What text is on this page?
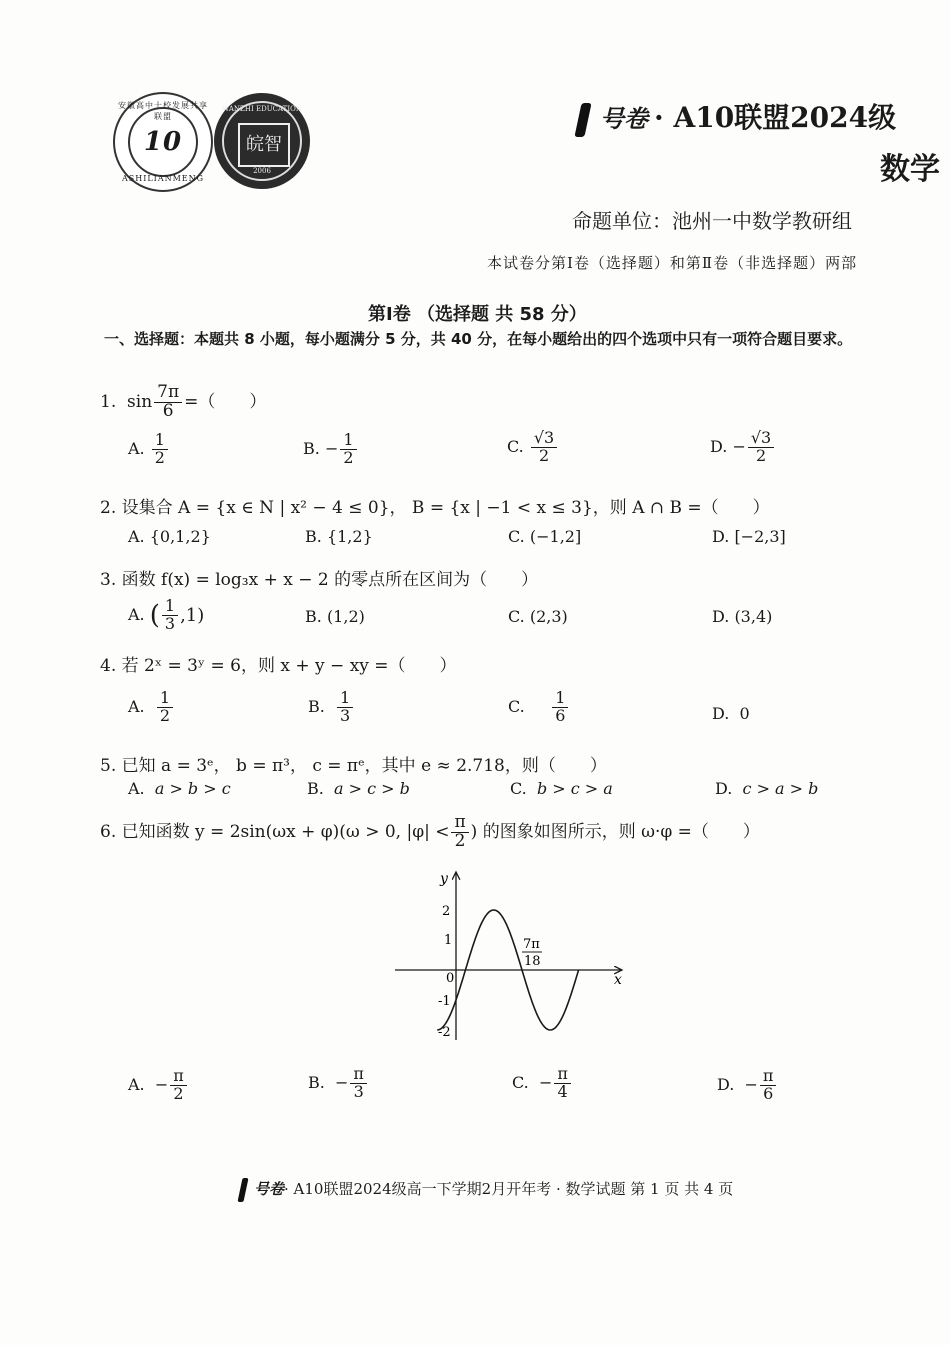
安徽高中十校发展共享联盟
10
ASHILIANMENG
WANZHI EDUCATION
皖智
2006
号卷 · A10联盟2024级
数学
命题单位：池州一中数学教研组
本试卷分第Ⅰ卷（选择题）和第Ⅱ卷（非选择题）两部
第Ⅰ卷 （选择题 共 58 分）
一、选择题：本题共 8 小题，每小题满分 5 分，共 40 分，在每小题给出的四个选项中只有一项符合题目要求。
1. $\sin \frac{7\pi}{6}$ =（　　）
A. $\frac{1}{2}$	B. − $\frac{1}{2}$	C. $\frac{√3}{2}$	D. − $\frac{√3}{2}$
2. 设集合 A = {x ∈ N | x² − 4 ≤ 0}， B = {x | −1 < x ≤ 3}，则 A ∩ B =（　　）
A. {0,1,2}	B. {1,2}	C. (−1,2]	D. [−2,3]
3. 函数 f(x) = log₃x + x − 2 的零点所在区间为（　　）
A. ( $\frac{1}{3} ,1$)	B. (1,2)	C. (2,3)	D. (3,4)
4. 若 2ˣ = 3ʸ = 6，则 x + y − xy =（　　）
A. $\frac{1}{2}$	B. $\frac{1}{3}$	C. $\frac{1}{6}$	D. 0
5. 已知 a = 3ᵉ， b = π³， c = πᵉ，其中 e ≈ 2.718，则（　　）
A. a > b > c	B. a > c > b	C. b > c > a	D. c > a > b
6. 已知函数 y = 2sin(ωx + φ)(ω > 0, $|\varphi| < \frac{\pi}{2}$ ) 的图象如图所示，则 ω·φ =（　　）
x
y
0
2
1
-1
-2
7π
18
A. − $\frac{\pi}{2}$	B. − $\frac{\pi}{3}$	C. − $\frac{\pi}{4}$	D. − $\frac{\pi}{6}$
号卷· A10联盟2024级高一下学期2月开年考 · 数学试题 第 1 页 共 4 页
